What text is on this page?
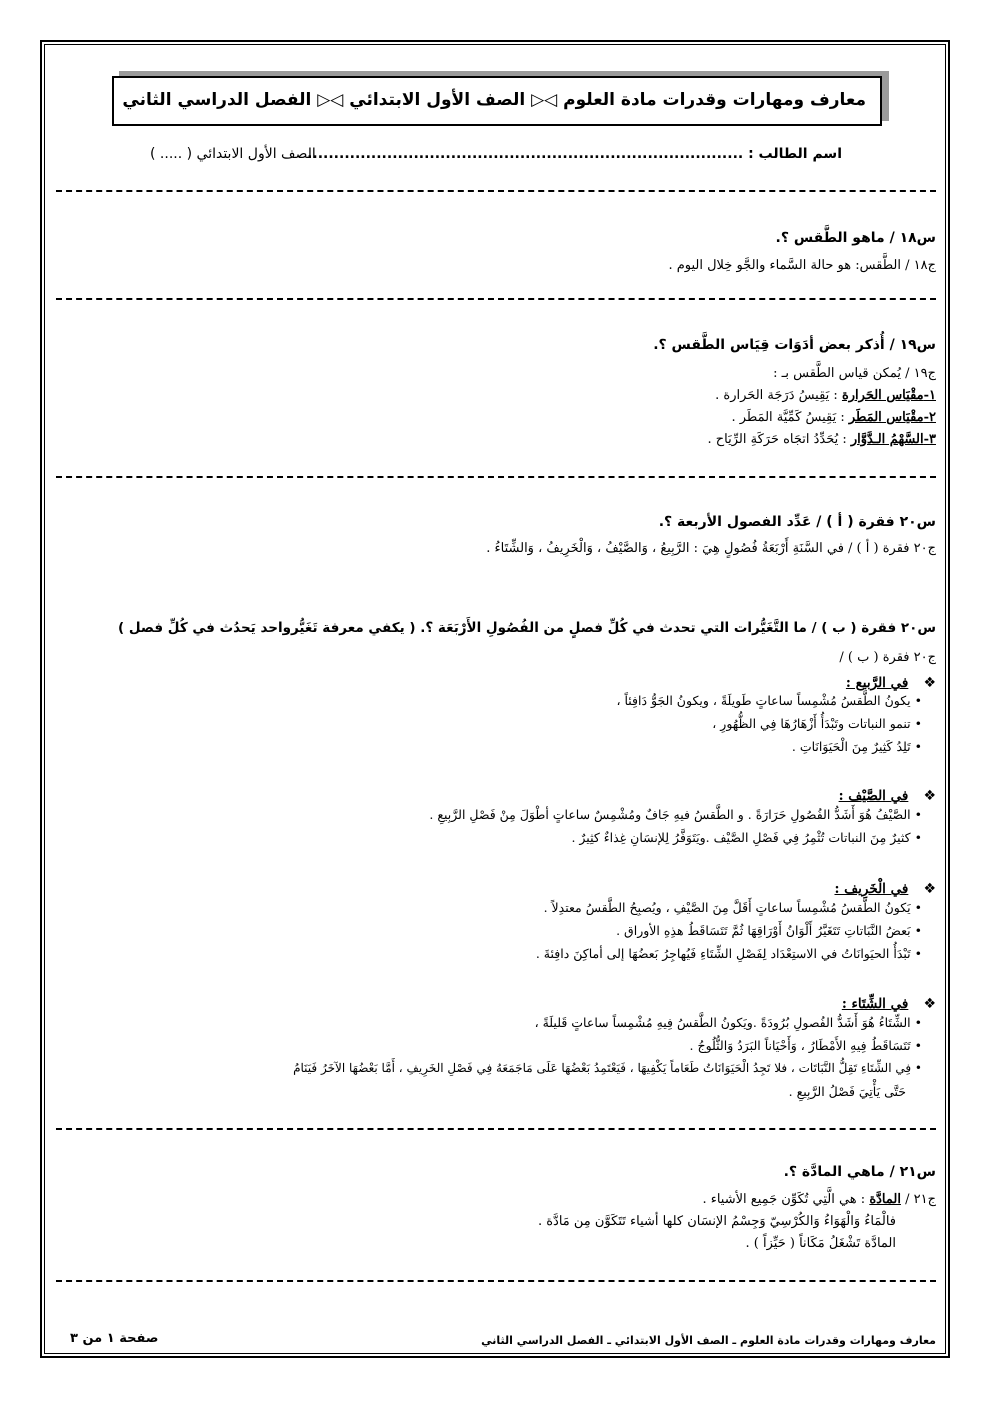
معارف ومهارات وقدرات مادة العلوم ◁▷ الصف الأول الابتدائي ◁▷ الفصل الدراسي الثاني
اسم الطالب : ..................................................................................
الصف الأول الابتدائي ( ..... )
س١٨ / ماهو الطَّقس ؟.
ج١٨ / الطَّقس: هو حالة السَّماء والجَّو خِلال اليوم .
س١٩ / أُذكر بعض أدَوَات قِيَاس الطَّقس ؟.
ج١٩ / يُمكن قياس الطَّقس بـ :
١-مقْيَاس الحَرارة : يَقِيسُ دَرَجَة الحَرارة .
٢-مقْيَاس المَطَر : يَقِيسُ كَمِّيَّة المَطَر .
٣-السَّهْمُ الـدَّوَّار : يُحَدِّدُ اتجَاه حَرَكَةِ الرِّيَاح .
س٢٠ فقرة ( أ ) / عَدِّد الفصول الأربعة ؟.
ج٢٠ فقرة ( أ ) / في السَّنَةِ أَرْبَعَةُ فُصُولٍ هِيَ : الرَّبِيعُ ، وَالصَّيْفُ ، وَالْخَرِيفُ ، وَالشِّتَاءُ .
س٢٠ فقرة ( ب ) / ما التَّغَيُّرات التي تحدث في كُلِّ فصلٍ من الفُصُولِ الأَرْبَعَة ؟. ( يكفي معرفة تَغَيُّرواحد يَحدُث في كُلِّ فصل )
ج٢٠ فقرة ( ب ) /
❖ في الرَّبيع :
• يكونُ الطَّقسُ مُشْمِساً ساعاتٍ طَويلَةً ، ويكونُ الجَوُّ دَافِئاً ،
• تنمو النباتات وتَبْدَأُ أَزْهَارُهَا فِي الظُّهُورِ ،
• تَلِدُ كَثِيرٌ مِنَ الْحَيَوَانَاتِ .
❖ في الصَّيْف :
• الصَّيْفُ هُوَ أَشَدُّ الفُصُولِ حَرَارَةً . و الطَّقسُ فيهِ جَافٌ ومُشْمِسٌ ساعاتٍ أطْوَلَ مِنْ فَصْلِ الرَّبِيعِ .
• كثيرٌ مِنَ النباتات تُثْمِرُ فِي فَصْلِ الصَّيْف .ويَتَوَفَّرُ لِلإنسَانِ غِذاءٌ كثِيرٌ .
❖ في الْخَرِيف :
• يَكونُ الطَّقسُ مُشْمِساً ساعاتٍ أَقَلَّ مِنَ الصَّيْفِ ، ويُصبِحُ الطَّقسُ معتدِلاً .
• بَعضُ النَّبَاتاتِ تَتَغَيَّرُ أَلْوَانُ أَوْرَاقِهَا ثُمَّ تَتَسَاقَطُ هذِهِ الأوراق .
• تَبْدَأُ الحيَوانَاتُ في الاستِعْدَاد لِفَصْلِ الشِّتَاءِ فَيُهاجِرُ بَعضُهَا إلى أماكِنَ دافِئةَ .
❖ في الشِّتَاء :
• الشِّتَاءُ هُوَ أَشَدُّ الفُصولِ بُرُودَةً .ويَكونُ الطَّقسُ فِيهِ مُشْمِساً ساعاتٍ قَليلَةً ،
• تَتَسَاقَطُ فِيهِ الأَمْطَارُ ، وَأَحْيَاناً البَرَدُ وَالثُّلُوجُ .
• فِي الشِّتَاءِ تَقِلُّ النَّبَاتَات ، فلا تَجِدُ الْحَيَوَانَاتُ طَعَاماً يَكْفِيهَا ، فَيَعْتَمِدُ بَعْضُهَا عَلَى مَاجَمَعَهُ فِي فَصْلِ الخَرِيفِ ، أَمَّا بَعْضُهَا الآخَرُ فَيَنَامُ
حَتَّى يَأْتِيَ فَصْلُ الرَّبِيعِ .
س٢١ / ماهي المادَّة ؟.
ج٢١ / المادَّة : هي الَّتِي تُكَوِّن جَمِيع الأشياء .
فالْمَاءُ وَالْهَوَاءُ وَالكُرْسِيّ وَجِسْمُ الإنسَان كلها أشياء تَتَكَوَّن مِن مَادَّة .
المادَّة تَشْغَلُ مَكَاناً ( حَيِّزاً ) .
صفحة ١ من ٣	معارف ومهارات وقدرات مادة العلوم ـ الصف الأول الابتدائي ـ الفصل الدراسي الثاني
